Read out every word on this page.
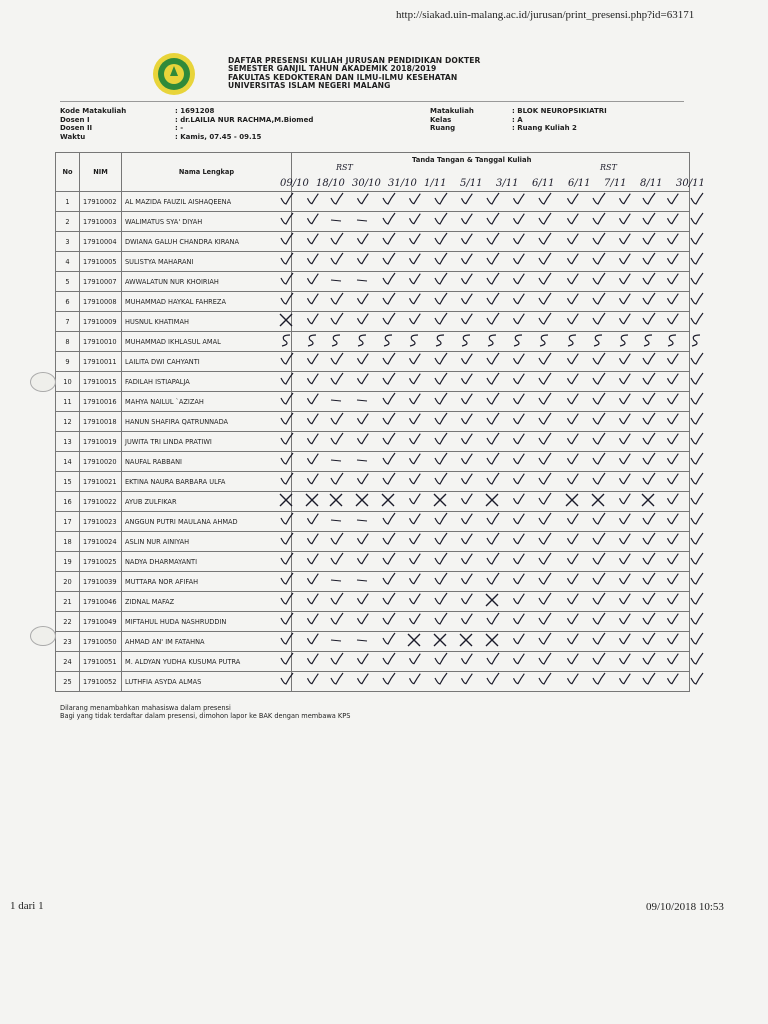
http://siakad.uin-malang.ac.id/jurusan/print_presensi.php?id=63171
DAFTAR PRESENSI KULIAH JURUSAN PENDIDIKAN DOKTER
SEMESTER GANJIL TAHUN AKADEMIK 2018/2019
FAKULTAS KEDOKTERAN DAN ILMU-ILMU KESEHATAN
UNIVERSITAS ISLAM NEGERI MALANG
Kode Matakuliah	: 1691208
Dosen I	: dr.LAILIA NUR RACHMA,M.Biomed
Dosen II	: -
Waktu	: Kamis, 07.45 - 09.15
Matakuliah	: BLOK NEUROPSIKIATRI
Kelas	: A
Ruang	: Ruang Kuliah 2
No	NIM	Nama Lengkap	
1	17910002	AL MAZIDA FAUZIL AISHAQEENA	
2	17910003	WALIMATUS SYA' DIYAH	
3	17910004	DWIANA GALUH CHANDRA KIRANA	
4	17910005	SULISTYA MAHARANI	
5	17910007	AWWALATUN NUR KHOIRIAH	
6	17910008	MUHAMMAD HAYKAL FAHREZA	
7	17910009	HUSNUL KHATIMAH	
8	17910010	MUHAMMAD IKHLASUL AMAL	
9	17910011	LAILITA DWI CAHYANTI	
10	17910015	FADILAH ISTIAPALJA	
11	17910016	MAHYA NAILUL `AZIZAH	
12	17910018	HANUN SHAFIRA QATRUNNADA	
13	17910019	JUWITA TRI LINDA PRATIWI	
14	17910020	NAUFAL RABBANI	
15	17910021	EKTINA NAURA BARBARA ULFA	
16	17910022	AYUB ZULFIKAR	
17	17910023	ANGGUN PUTRI MAULANA AHMAD	
18	17910024	ASLIN NUR AINIYAH	
19	17910025	NADYA DHARMAYANTI	
20	17910039	MUTTARA NOR AFIFAH	
21	17910046	ZIDNAL MAFAZ	
22	17910049	MIFTAHUL HUDA NASHRUDDIN	
23	17910050	AHMAD AN' IM FATAHNA	
24	17910051	M. ALDYAN YUDHA KUSUMA PUTRA	
25	17910052	LUTHFIA ASYDA ALMAS	
Tanda Tangan & Tanggal Kuliah
09/10 18/10 30/10 31/10 1/11 5/11 3/11 6/11 6/11 7/11 8/11 30/11
RST	RST
Dilarang menambahkan mahasiswa dalam presensi
Bagi yang tidak terdaftar dalam presensi, dimohon lapor ke BAK dengan membawa KPS
1 dari 1	09/10/2018 10:53
